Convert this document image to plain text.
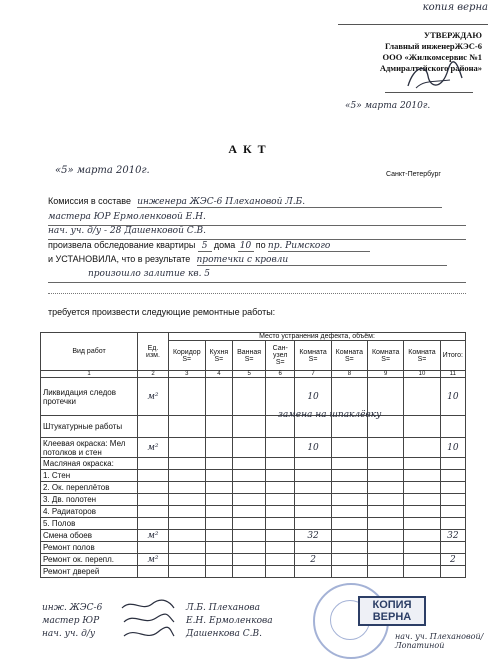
копия верна
УТВЕРЖДАЮ
Главный инженерЖЭС-6
ООО «Жилкомсервис №1
Адмиралтейского района»
«5» марта 2010г.
АКТ
«5» марта 2010г.	Санкт-Петербург
Комиссия в составе инженера ЖЭС-6 Плехановой Л.Б.
мастера ЮР Ермоленковой Е.Н.
нач. уч. д/у - 28 Дашенковой С.В.
произвела обследование квартиры 5 дома 10 по пр. Римского
и УСТАНОВИЛА, что в результате протечки с кровли
произошло залитие кв. 5
требуется произвести следующие ремонтные работы:
Вид работ	Ед. изм.	Место устранения дефекта, объём:								
		Коридор S=	Кухня S=	Ванная S=	Сан-узел S=	Комната S=	Комната S=	Комната S=	Комната S=	Итого:
1	2	3	4	5	6	7	8	9	10	11
Ликвидация следов протечки	м²					10				10
Штукатурные работы										
Клеевая окраска: Мел потолков и стен	м²					10				10
Масляная окраска:										
1. Стен										
2. Ок. переплётов										
3. Дв. полотен										
4. Радиаторов										
5. Полов										
Смена обоев	м²					32				32
Ремонт полов										
Ремонт ок. перепл.	м²					2				2
Ремонт дверей										
инж. ЖЭС-6
мастер ЮР
нач. уч. д/у
Л.Б. Плеханова
Е.Н. Ермоленкова
Дашенкова С.В.	нач. уч. Плехановой/Лопатиной
КОПИЯ
ВЕРНА
замена на шпаклёвку
